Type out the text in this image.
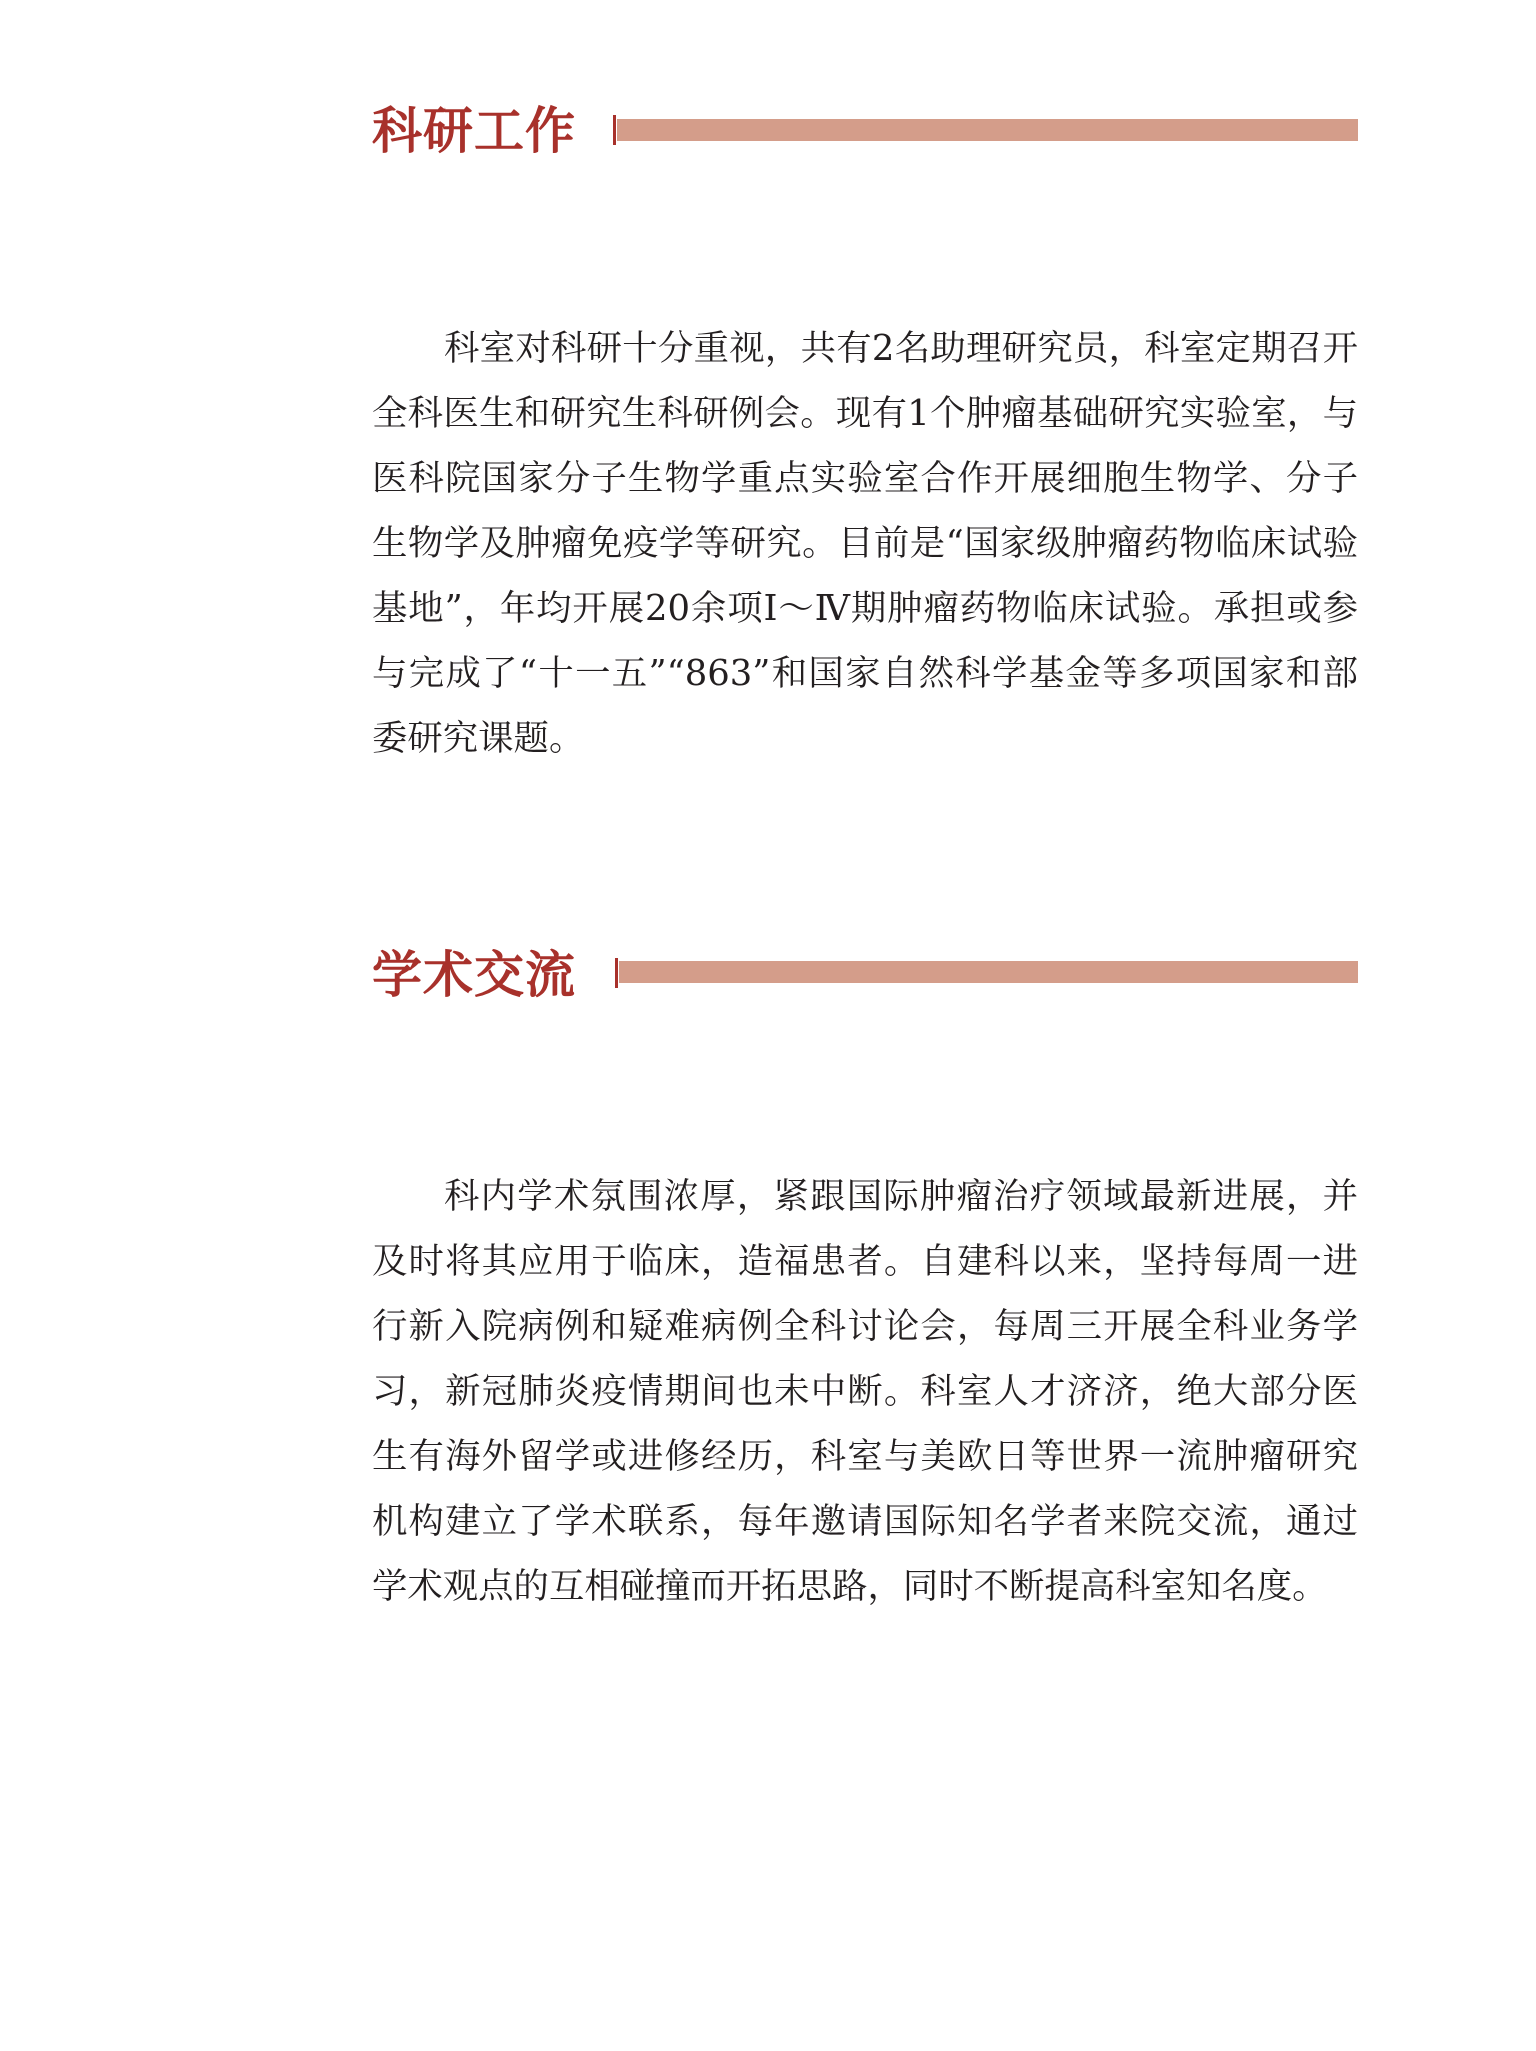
科研工作

科室对科研十分重视，共有2名助理研究员，科室定期召开全科医生和研究生科研例会。现有1个肿瘤基础研究实验室，与医科院国家分子生物学重点实验室合作开展细胞生物学、分子生物学及肿瘤免疫学等研究。目前是“国家级肿瘤药物临床试验基地”，年均开展20余项Ⅰ～Ⅳ期肿瘤药物临床试验。承担或参与完成了“十一五”“863”和国家自然科学基金等多项国家和部委研究课题。

学术交流

科内学术氛围浓厚，紧跟国际肿瘤治疗领域最新进展，并及时将其应用于临床，造福患者。自建科以来，坚持每周一进行新入院病例和疑难病例全科讨论会，每周三开展全科业务学习，新冠肺炎疫情期间也未中断。科室人才济济，绝大部分医生有海外留学或进修经历，科室与美欧日等世界一流肿瘤研究机构建立了学术联系，每年邀请国际知名学者来院交流，通过学术观点的互相碰撞而开拓思路，同时不断提高科室知名度。
